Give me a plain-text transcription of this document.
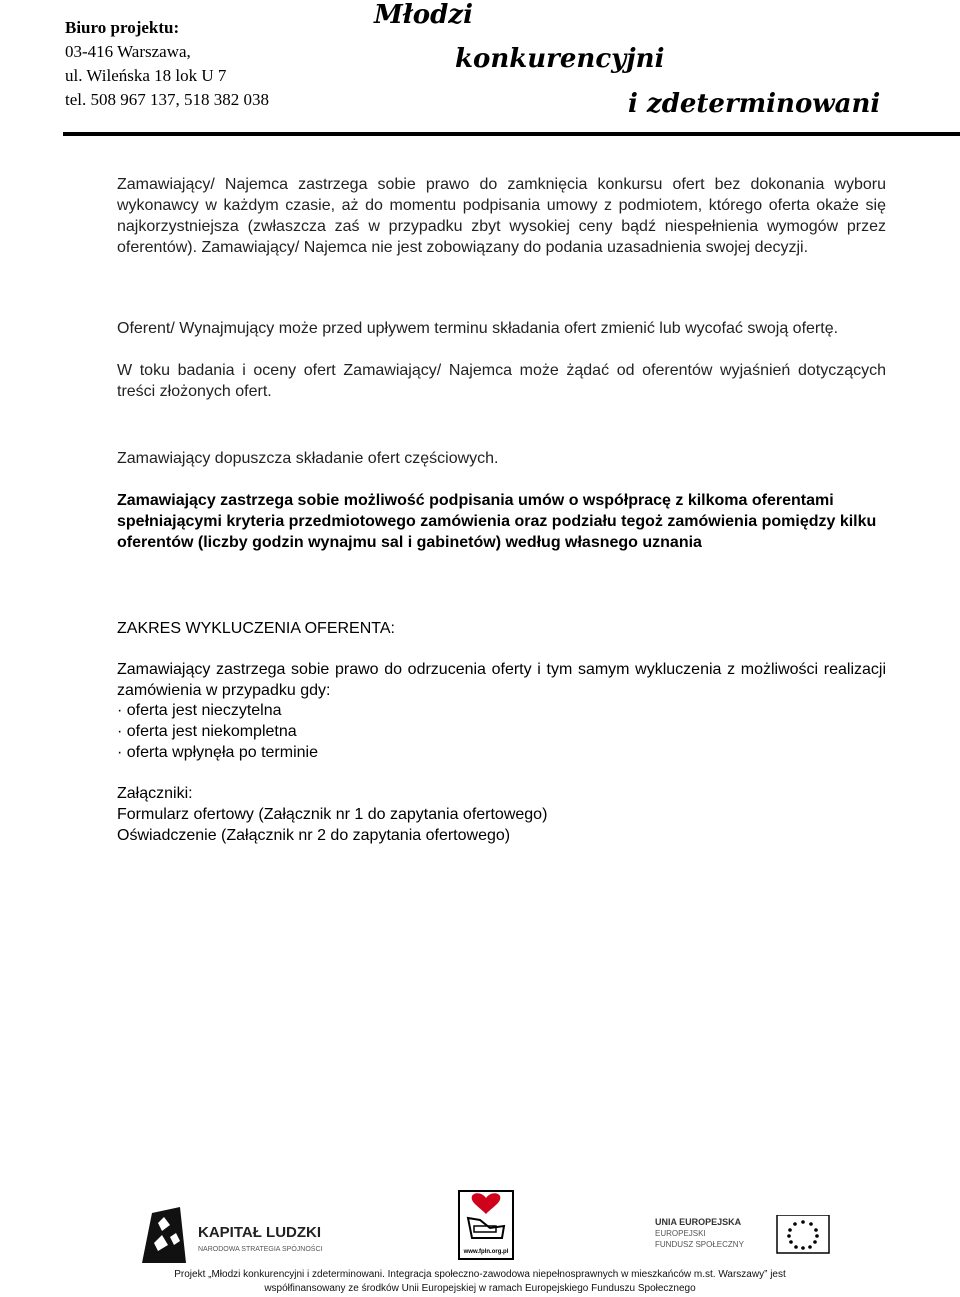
Biuro projektu:
03-416 Warszawa,
ul. Wileńska 18 lok U 7
tel. 508 967 137, 518 382 038
Młodzi
konkurencyjni
i zdeterminowani
Zamawiający/ Najemca zastrzega sobie prawo do zamknięcia konkursu ofert bez dokonania wyboru wykonawcy w każdym czasie, aż do momentu podpisania umowy z podmiotem, którego oferta okaże się najkorzystniejsza (zwłaszcza zaś w przypadku zbyt wysokiej ceny bądź niespełnienia wymogów przez oferentów). Zamawiający/ Najemca nie jest zobowiązany do podania uzasadnienia swojej decyzji.
Oferent/ Wynajmujący może przed upływem terminu składania ofert zmienić lub wycofać swoją ofertę.
W toku badania i oceny ofert Zamawiający/ Najemca może żądać od oferentów wyjaśnień dotyczących treści złożonych ofert.
Zamawiający dopuszcza składanie ofert częściowych.
Zamawiający zastrzega sobie możliwość podpisania umów o współpracę z kilkoma oferentami spełniającymi kryteria przedmiotowego zamówienia oraz podziału tegoż zamówienia pomiędzy kilku oferentów (liczby godzin wynajmu sal i gabinetów) według własnego uznania
ZAKRES WYKLUCZENIA OFERENTA:
Zamawiający zastrzega sobie prawo do odrzucenia oferty i tym samym wykluczenia z możliwości realizacji zamówienia w przypadku gdy:
· oferta jest nieczytelna
· oferta jest niekompletna
· oferta wpłynęła po terminie
Załączniki:
Formularz ofertowy (Załącznik nr 1 do zapytania ofertowego)
Oświadczenie (Załącznik nr 2 do zapytania ofertowego)
KAPITAŁ LUDZKI
NARODOWA STRATEGIA SPÓJNOŚCI	www.fpln.org.pl
UNIA EUROPEJSKA
EUROPEJSKI
FUNDUSZ SPOŁECZNY
Projekt „Młodzi konkurencyjni i zdeterminowani. Integracja społeczno-zawodowa niepełnosprawnych w mieszkańców m.st. Warszawy” jest
współfinansowany ze środków Unii Europejskiej w ramach Europejskiego Funduszu Społecznego
